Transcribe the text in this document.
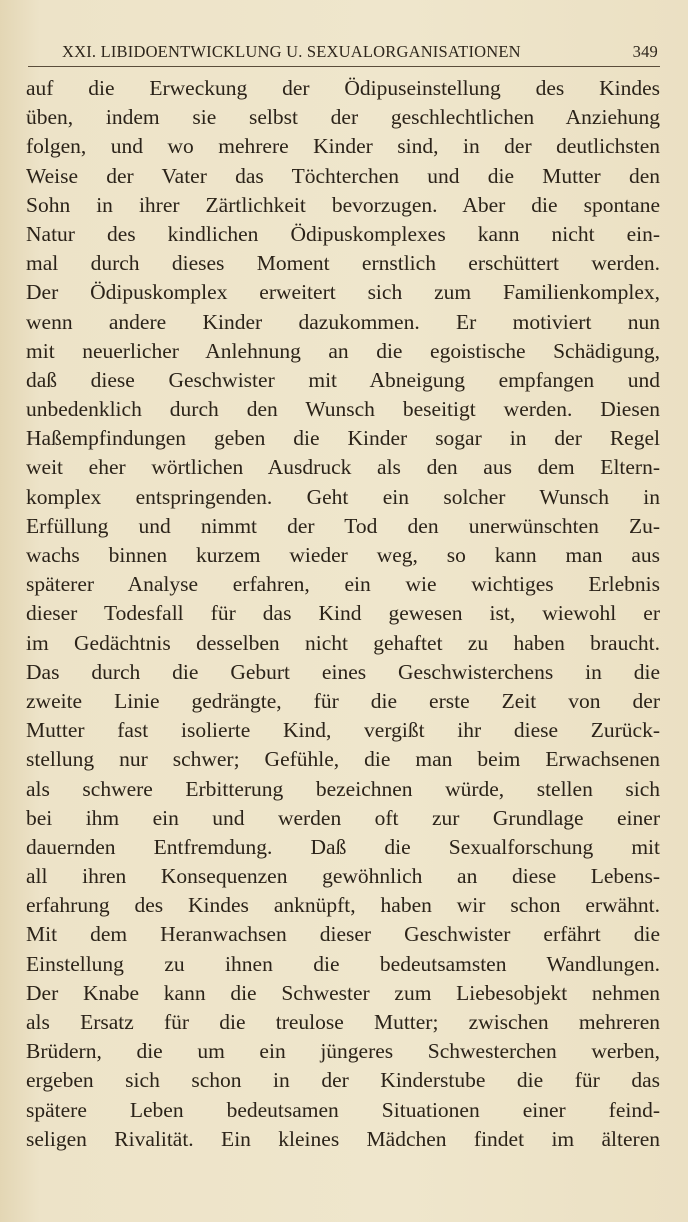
XXI. LIBIDOENTWICKLUNG U. SEXUALORGANISATIONEN	349
auf die Erweckung der Ödipuseinstellung des Kindes
üben, indem sie selbst der geschlechtlichen Anziehung
folgen, und wo mehrere Kinder sind, in der deutlichsten
Weise der Vater das Töchterchen und die Mutter den
Sohn in ihrer Zärtlichkeit bevorzugen. Aber die spontane
Natur des kindlichen Ödipuskomplexes kann nicht ein-
mal durch dieses Moment ernstlich erschüttert werden.
Der Ödipuskomplex erweitert sich zum Familienkomplex,
wenn andere Kinder dazukommen. Er motiviert nun
mit neuerlicher Anlehnung an die egoistische Schädigung,
daß diese Geschwister mit Abneigung empfangen und
unbedenklich durch den Wunsch beseitigt werden. Diesen
Haßempfindungen geben die Kinder sogar in der Regel
weit eher wörtlichen Ausdruck als den aus dem Eltern-
komplex entspringenden. Geht ein solcher Wunsch in
Erfüllung und nimmt der Tod den unerwünschten Zu-
wachs binnen kurzem wieder weg, so kann man aus
späterer Analyse erfahren, ein wie wichtiges Erlebnis
dieser Todesfall für das Kind gewesen ist, wiewohl er
im Gedächtnis desselben nicht gehaftet zu haben braucht.
Das durch die Geburt eines Geschwisterchens in die
zweite Linie gedrängte, für die erste Zeit von der
Mutter fast isolierte Kind, vergißt ihr diese Zurück-
stellung nur schwer; Gefühle, die man beim Erwachsenen
als schwere Erbitterung bezeichnen würde, stellen sich
bei ihm ein und werden oft zur Grundlage einer
dauernden Entfremdung. Daß die Sexualforschung mit
all ihren Konsequenzen gewöhnlich an diese Lebens-
erfahrung des Kindes anknüpft, haben wir schon erwähnt.
Mit dem Heranwachsen dieser Geschwister erfährt die
Einstellung zu ihnen die bedeutsamsten Wandlungen.
Der Knabe kann die Schwester zum Liebesobjekt nehmen
als Ersatz für die treulose Mutter; zwischen mehreren
Brüdern, die um ein jüngeres Schwesterchen werben,
ergeben sich schon in der Kinderstube die für das
spätere Leben bedeutsamen Situationen einer feind-
seligen Rivalität. Ein kleines Mädchen findet im älteren
